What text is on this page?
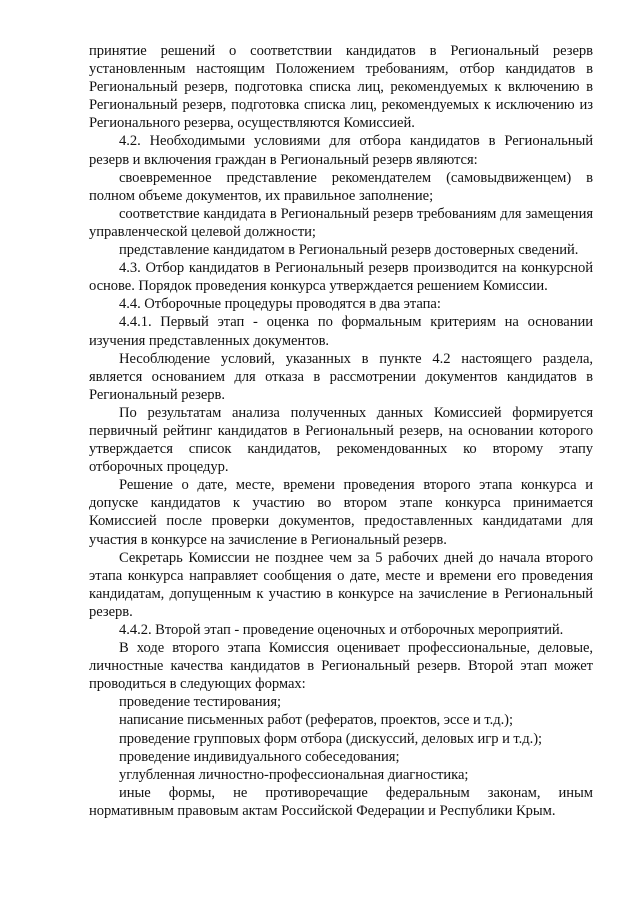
принятие решений о соответствии кандидатов в Региональный резерв установленным настоящим Положением требованиям, отбор кандидатов в Региональный резерв, подготовка списка лиц, рекомендуемых к включению в Региональный резерв, подготовка списка лиц, рекомендуемых к исключению из Регионального резерва, осуществляются Комиссией.

4.2. Необходимыми условиями для отбора кандидатов в Региональный резерв и включения граждан в Региональный резерв являются:

своевременное представление рекомендателем (самовыдвиженцем) в полном объеме документов, их правильное заполнение;

соответствие кандидата в Региональный резерв требованиям для замещения управленческой целевой должности;

представление кандидатом в Региональный резерв достоверных сведений.

4.3. Отбор кандидатов в Региональный резерв производится на конкурсной основе. Порядок проведения конкурса утверждается решением Комиссии.

4.4. Отборочные процедуры проводятся в два этапа:

4.4.1. Первый этап - оценка по формальным критериям на основании изучения представленных документов.

Несоблюдение условий, указанных в пункте 4.2 настоящего раздела, является основанием для отказа в рассмотрении документов кандидатов в Региональный резерв.

По результатам анализа полученных данных Комиссией формируется первичный рейтинг кандидатов в Региональный резерв, на основании которого утверждается список кандидатов, рекомендованных ко второму этапу отборочных процедур.

Решение о дате, месте, времени проведения второго этапа конкурса и допуске кандидатов к участию во втором этапе конкурса принимается Комиссией после проверки документов, предоставленных кандидатами для участия в конкурсе на зачисление в Региональный резерв.

Секретарь Комиссии не позднее чем за 5 рабочих дней до начала второго этапа конкурса направляет сообщения о дате, месте и времени его проведения кандидатам, допущенным к участию в конкурсе на зачисление в Региональный резерв.

4.4.2. Второй этап - проведение оценочных и отборочных мероприятий.

В ходе второго этапа Комиссия оценивает профессиональные, деловые, личностные качества кандидатов в Региональный резерв. Второй этап может проводиться в следующих формах:

проведение тестирования;

написание письменных работ (рефератов, проектов, эссе и т.д.);

проведение групповых форм отбора (дискуссий, деловых игр и т.д.);

проведение индивидуального собеседования;

углубленная личностно-профессиональная диагностика;

иные формы, не противоречащие федеральным законам, иным нормативным правовым актам Российской Федерации и Республики Крым.
